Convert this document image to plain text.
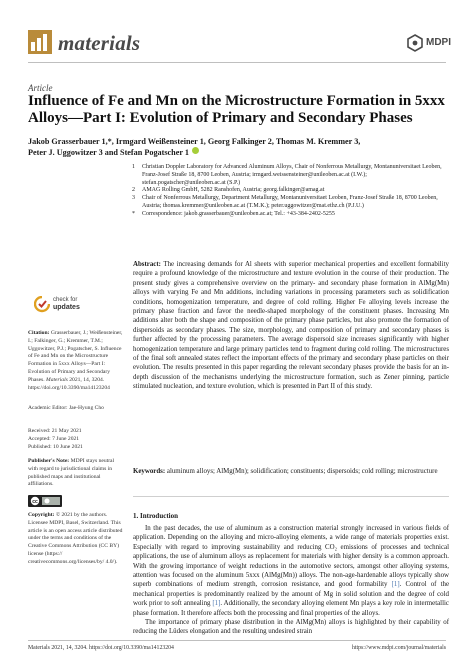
materials	MDPI
Article
Influence of Fe and Mn on the Microstructure Formation in 5xxx Alloys—Part I: Evolution of Primary and Secondary Phases
Jakob Grasserbauer 1,*, Irmgard Weißensteiner 1, Georg Falkinger 2, Thomas M. Kremmer 3,
Peter J. Uggowitzer 3 and Stefan Pogatscher 1
1 Christian Doppler Laboratory for Advanced Aluminum Alloys, Chair of Nonferrous Metallurgy, Montanuniversitaet Leoben, Franz-Josef Straße 18, 8700 Leoben, Austria; irmgard.weissensteiner@unileoben.ac.at (I.W.); stefan.pogatscher@unileoben.ac.at (S.P.)
2 AMAG Rolling GmbH, 5282 Ranshofen, Austria; georg.falkinger@amag.at
3 Chair of Nonferrous Metallurgy, Department Metallurgy, Montanuniversitaet Leoben, Franz-Josef Straße 18, 8700 Leoben, Austria; thomas.kremmer@unileoben.ac.at (T.M.K.); peter.uggowitzer@mat.ethz.ch (P.J.U.)
* Correspondence: jakob.grasserbauer@unileoben.ac.at; Tel.: +43-384-2402-5255
check for
updates
Citation: Grasserbauer, J.; Weißensteiner, I.; Falkinger, G.; Kremmer, T.M.; Uggowitzer, P.J.; Pogatscher, S. Influence of Fe and Mn on the Microstructure Formation in 5xxx Alloys—Part I: Evolution of Primary and Secondary Phases. Materials 2021, 14, 3204. https://doi.org/10.3390/ma14123204
Academic Editor: Jae-Hyung Cho
Received: 21 May 2021
Accepted: 7 June 2021
Published: 10 June 2021
Publisher's Note: MDPI stays neutral with regard to jurisdictional claims in published maps and institutional affiliations.
cc
Copyright: © 2021 by the authors. Licensee MDPI, Basel, Switzerland. This article is an open access article distributed under the terms and conditions of the Creative Commons Attribution (CC BY) license (https:// creativecommons.org/licenses/by/ 4.0/).
Abstract: The increasing demands for Al sheets with superior mechanical properties and excellent formability require a profound knowledge of the microstructure and texture evolution in the course of their production. The present study gives a comprehensive overview on the primary- and secondary phase formation in AlMg(Mn) alloys with varying Fe and Mn additions, including variations in processing parameters such as solidification conditions, homogenization temperature, and degree of cold rolling. Higher Fe alloying levels increase the primary phase fraction and favor the needle-shaped morphology of the constituent phases. Increasing Mn additions alter both the shape and composition of the primary phase particles, but also promote the formation of dispersoids as secondary phases. The size, morphology, and composition of primary and secondary phases is further affected by the processing parameters. The average dispersoid size increases significantly with higher homogenization temperature and large primary particles tend to fragment during cold rolling. The microstructures of the final soft annealed states reflect the important effects of the primary and secondary phase particles on their evolution. The results presented in this paper regarding the relevant secondary phases provide the basis for an in-depth discussion of the mechanisms underlying the microstructure formation, such as Zener pinning, particle stimulated nucleation, and texture evolution, which is presented in Part II of this study.
Keywords: aluminum alloys; AlMg(Mn); solidification; constituents; dispersoids; cold rolling; microstructure
1. Introduction

In the past decades, the use of aluminum as a construction material strongly increased in various fields of application. Depending on the alloying and micro-alloying elements, a wide range of materials properties exist. Especially with regard to improving sustainability and reducing CO₂ emissions of processes and technical applications, the use of aluminum alloys as replacement for materials with higher density is a common approach. With the growing importance of weight reductions in the automotive sectors, amongst other alloying systems, attention was focused on the aluminum 5xxx (AlMg(Mn)) alloys. The non-age-hardenable alloys typically show superb combinations of medium strength, corrosion resistance, and good formability [1]. Control of the mechanical properties is predominantly realized by the amount of Mg in solid solution and the degree of cold work prior to soft annealing [1]. Additionally, the secondary alloying element Mn plays a key role in intermetallic phase formation. It therefore affects both the processing and final properties of the alloys.

The importance of primary phase distribution in the AlMg(Mn) alloys is highlighted by their capability of reducing the Lüders elongation and the resulting undesired strain

Materials 2021, 14, 3204. https://doi.org/10.3390/ma14123204	https://www.mdpi.com/journal/materials
